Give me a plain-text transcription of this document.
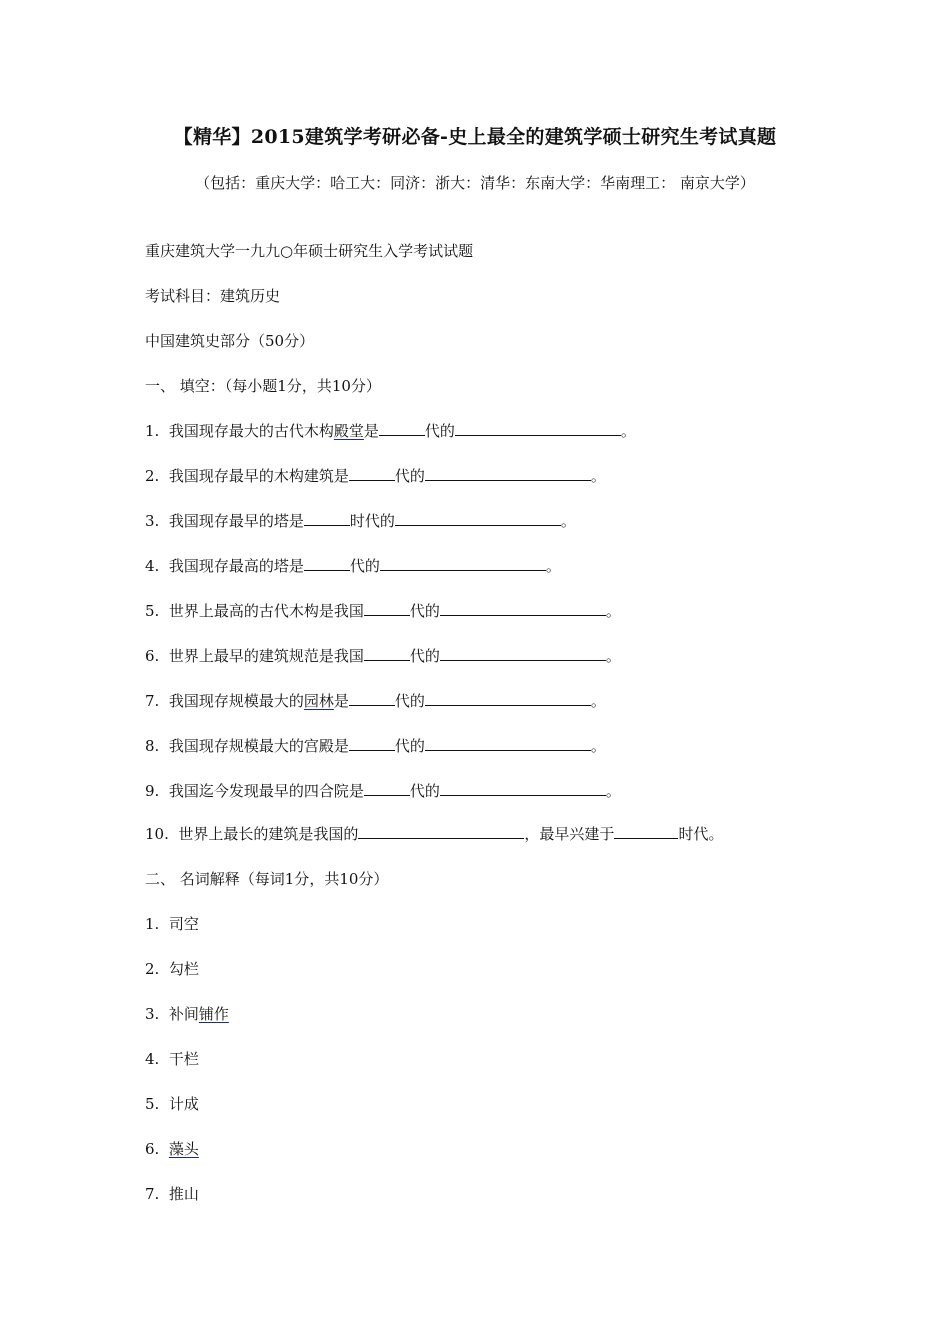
【精华】2015建筑学考研必备-史上最全的建筑学硕士研究生考试真题
（包括：重庆大学：哈工大：同济：浙大：清华：东南大学：华南理工： 南京大学）
重庆建筑大学一九九○年硕士研究生入学考试试题
考试科目：建筑历史
中国建筑史部分（50分）
一、 填空：（每小题1分，共10分）
1. 我国现存最大的古代木构殿堂是	代的	。
2. 我国现存最早的木构建筑是	代的	。
3. 我国现存最早的塔是	时代的	。
4. 我国现存最高的塔是	代的	。
5. 世界上最高的古代木构是我国	代的	。
6. 世界上最早的建筑规范是我国	代的	。
7. 我国现存规模最大的园林是	代的	。
8. 我国现存规模最大的宫殿是	代的	。
9. 我国迄今发现最早的四合院是	代的	。
10. 世界上最长的建筑是我国的	，最早兴建于	时代。
二、 名词解释（每词1分，共10分）
1. 司空
2. 勾栏
3. 补间铺作
4. 干栏
5. 计成
6. 藻头
7. 推山
